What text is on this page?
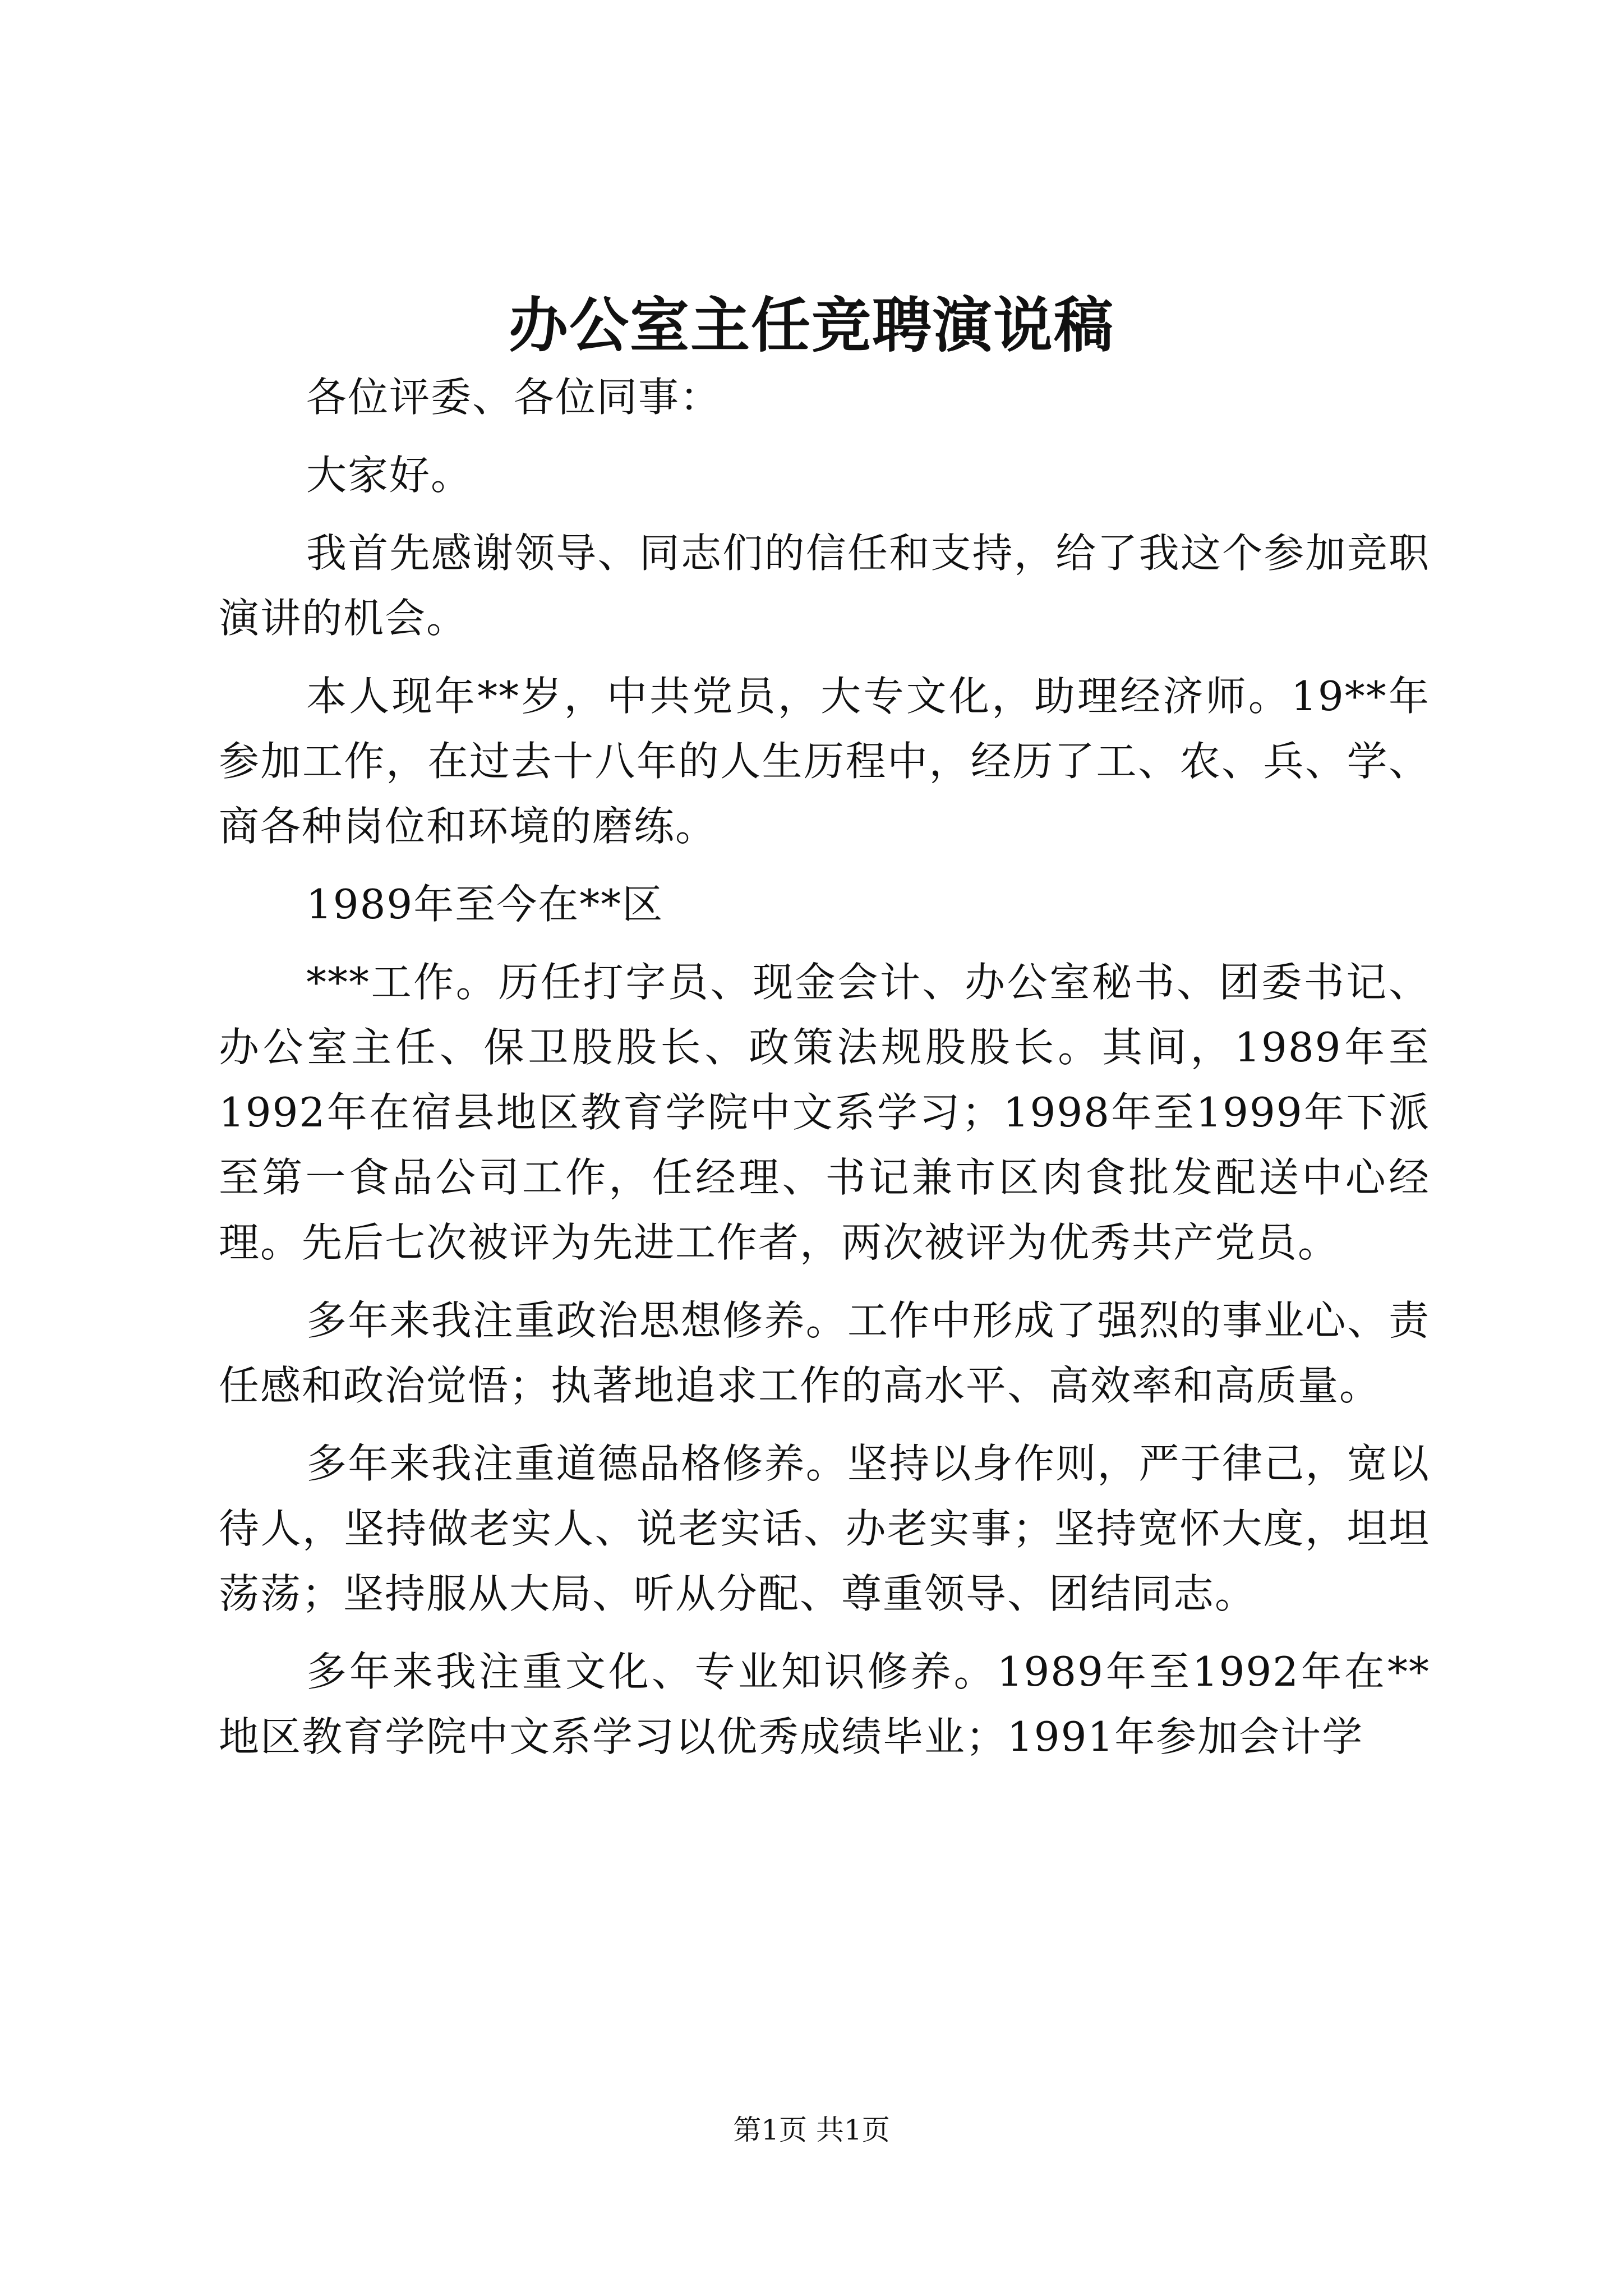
办公室主任竞聘演说稿

各位评委、各位同事：

大家好。

我首先感谢领导、同志们的信任和支持，给了我这个参加竞职演讲的机会。

本人现年**岁，中共党员，大专文化，助理经济师。19**年参加工作，在过去十八年的人生历程中，经历了工、农、兵、学、商各种岗位和环境的磨练。

1989年至今在**区

***工作。历任打字员、现金会计、办公室秘书、团委书记、办公室主任、保卫股股长、政策法规股股长。其间，1989年至1992年在宿县地区教育学院中文系学习；1998年至1999年下派至第一食品公司工作，任经理、书记兼市区肉食批发配送中心经理。先后七次被评为先进工作者，两次被评为优秀共产党员。

多年来我注重政治思想修养。工作中形成了强烈的事业心、责任感和政治觉悟；执著地追求工作的高水平、高效率和高质量。

多年来我注重道德品格修养。坚持以身作则，严于律己，宽以待人，坚持做老实人、说老实话、办老实事；坚持宽怀大度，坦坦荡荡；坚持服从大局、听从分配、尊重领导、团结同志。

多年来我注重文化、专业知识修养。1989年至1992年在**地区教育学院中文系学习以优秀成绩毕业；1991年参加会计学

第1页 共1页
